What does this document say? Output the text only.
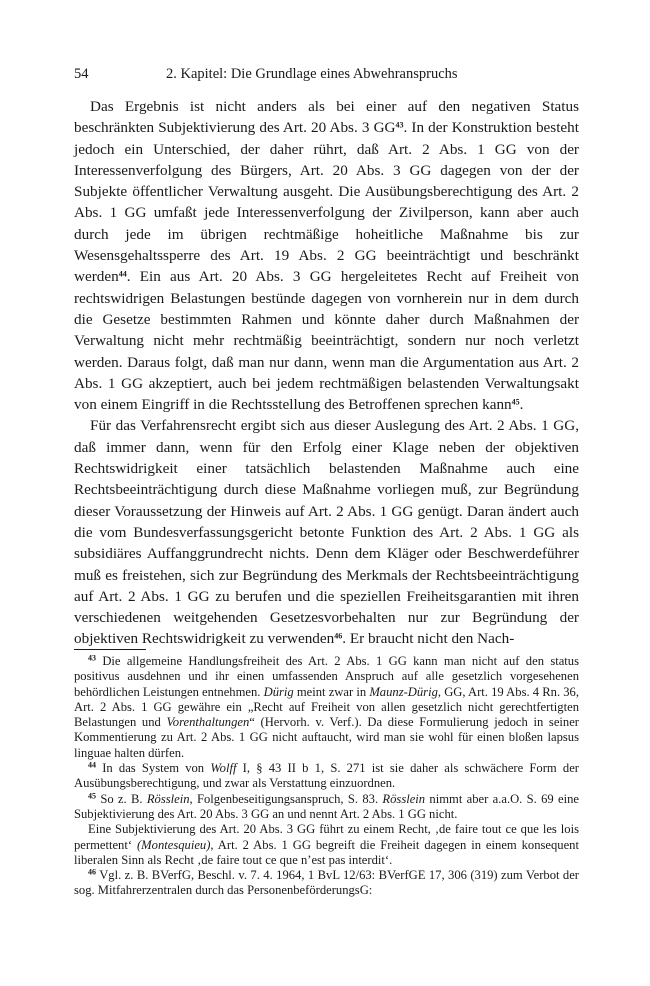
54	2. Kapitel: Die Grundlage eines Abwehranspruchs

Das Ergebnis ist nicht anders als bei einer auf den negativen Status beschränkten Subjektivierung des Art. 20 Abs. 3 GG$^{43}$. In der Konstruktion besteht jedoch ein Unterschied, der daher rührt, daß Art. 2 Abs. 1 GG von der Interessenverfolgung des Bürgers, Art. 20 Abs. 3 GG dagegen von der der Subjekte öffentlicher Verwaltung ausgeht. Die Ausübungsberechtigung des Art. 2 Abs. 1 GG umfaßt jede Interessenverfolgung der Zivilperson, kann aber auch durch jede im übrigen rechtmäßige hoheitliche Maßnahme bis zur Wesensgehaltssperre des Art. 19 Abs. 2 GG beeinträchtigt und beschränkt werden$^{44}$. Ein aus Art. 20 Abs. 3 GG hergeleitetes Recht auf Freiheit von rechtswidrigen Belastungen bestünde dagegen von vornherein nur in dem durch die Gesetze bestimmten Rahmen und könnte daher durch Maßnahmen der Verwaltung nicht mehr rechtmäßig beeinträchtigt, sondern nur noch verletzt werden. Daraus folgt, daß man nur dann, wenn man die Argumentation aus Art. 2 Abs. 1 GG akzeptiert, auch bei jedem rechtmäßigen belastenden Verwaltungsakt von einem Eingriff in die Rechtsstellung des Betroffenen sprechen kann$^{45}$.

Für das Verfahrensrecht ergibt sich aus dieser Auslegung des Art. 2 Abs. 1 GG, daß immer dann, wenn für den Erfolg einer Klage neben der objektiven Rechtswidrigkeit einer tatsächlich belastenden Maßnahme auch eine Rechtsbeeinträchtigung durch diese Maßnahme vorliegen muß, zur Begründung dieser Voraussetzung der Hinweis auf Art. 2 Abs. 1 GG genügt. Daran ändert auch die vom Bundesverfassungsgericht betonte Funktion des Art. 2 Abs. 1 GG als subsidiäres Auffanggrundrecht nichts. Denn dem Kläger oder Beschwerdeführer muß es freistehen, sich zur Begründung des Merkmals der Rechtsbeeinträchtigung auf Art. 2 Abs. 1 GG zu berufen und die speziellen Freiheitsgarantien mit ihren verschiedenen weitgehenden Gesetzesvorbehalten nur zur Begründung der objektiven Rechtswidrigkeit zu verwenden$^{46}$. Er braucht nicht den Nach-

$^{43}$ Die allgemeine Handlungsfreiheit des Art. 2 Abs. 1 GG kann man nicht auf den status positivus ausdehnen und ihr einen umfassenden Anspruch auf alle gesetzlich vorgesehenen behördlichen Leistungen entnehmen. Dürig meint zwar in Maunz-Dürig, GG, Art. 19 Abs. 4 Rn. 36, Art. 2 Abs. 1 GG gewähre ein „Recht auf Freiheit von allen gesetzlich nicht gerechtfertigten Belastungen und Vorenthaltungen“ (Hervorh. v. Verf.). Da diese Formulierung jedoch in seiner Kommentierung zu Art. 2 Abs. 1 GG nicht auftaucht, wird man sie wohl für einen bloßen lapsus linguae halten dürfen.

$^{44}$ In das System von Wolff I, § 43 II b 1, S. 271 ist sie daher als schwächere Form der Ausübungsberechtigung, und zwar als Verstattung einzuordnen.

$^{45}$ So z. B. Rösslein, Folgenbeseitigungsanspruch, S. 83. Rösslein nimmt aber a.a.O. S. 69 eine Subjektivierung des Art. 20 Abs. 3 GG an und nennt Art. 2 Abs. 1 GG nicht.

Eine Subjektivierung des Art. 20 Abs. 3 GG führt zu einem Recht, ‚de faire tout ce que les lois permettent‘ (Montesquieu), Art. 2 Abs. 1 GG begreift die Freiheit dagegen in einem konsequent liberalen Sinn als Recht ‚de faire tout ce que n’est pas interdit‘.

$^{46}$ Vgl. z. B. BVerfG, Beschl. v. 7. 4. 1964, 1 BvL 12/63: BVerfGE 17, 306 (319) zum Verbot der sog. Mitfahrerzentralen durch das PersonenbeförderungsG:
